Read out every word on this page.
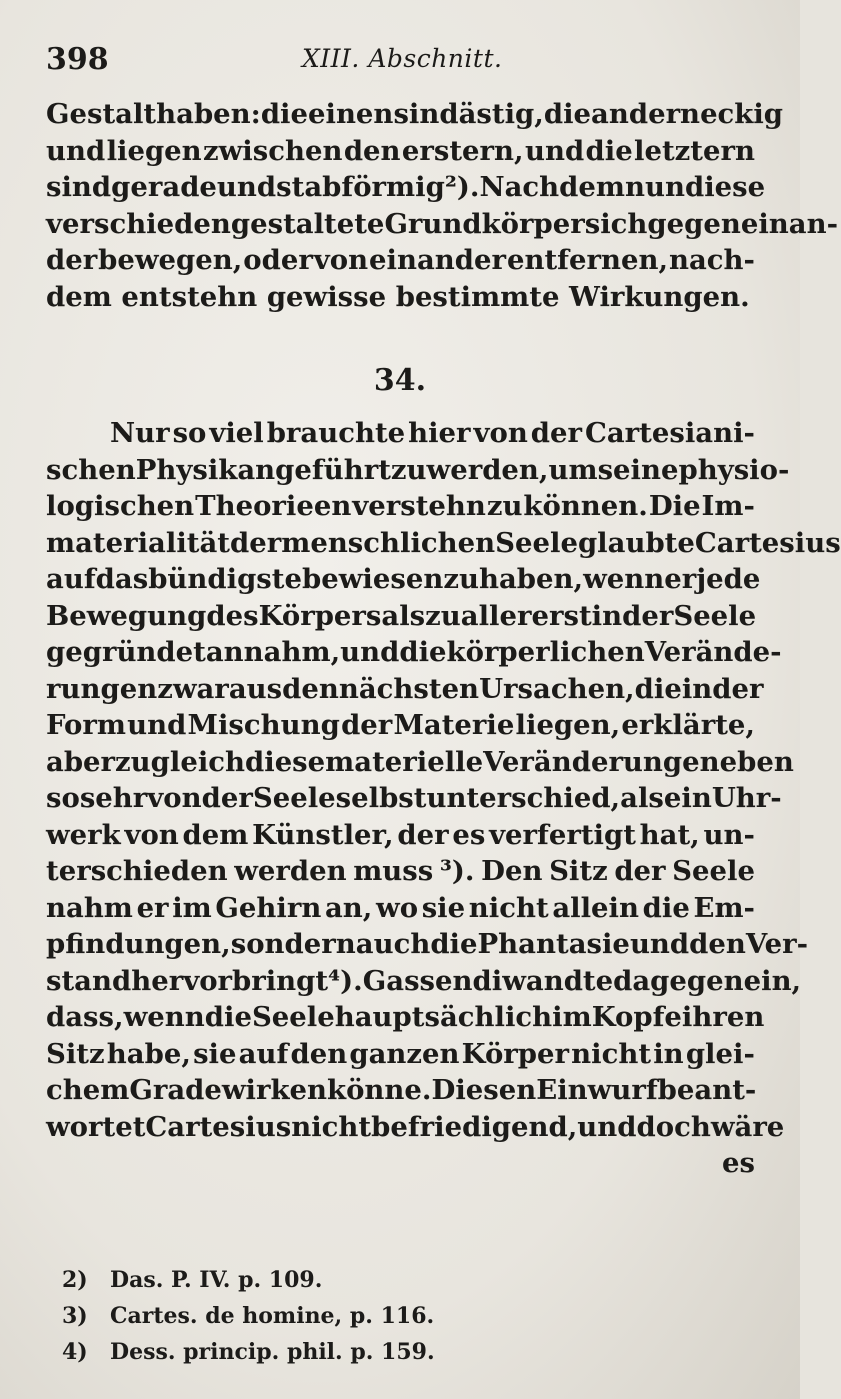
398	XIII. Abschnitt.
Gestalt haben: die einen sind ästig, die andern eckig
und liegen zwischen den erstern, und die letztern
sind gerade und stabförmig ²). Nachdem nun diese
verschieden gestaltete Grundkörper sich gegen einan-
der bewegen, oder von einander entfernen, nach-
dem entstehn gewisse bestimmte Wirkungen.
34.
Nur so viel brauchte hier von der Cartesiani-
schen Physik angeführt zu werden, um seine physio-
logischen Theorieen verstehn zu können. Die Im-
materialität der menschlichen Seele glaubte Cartesius
auf das bündigste bewiesen zu haben, wenn er jede
Bewegung des Körpers als zu allererst in der Seele
gegründet annahm, und die körperlichen Verände-
rungen zwar aus den nächsten Ursachen, die in der
Form und Mischung der Materie liegen, erklärte,
aber zugleich diese materielle Veränderungen eben
so sehr von der Seele selbst unterschied, als ein Uhr-
werk von dem Künstler, der es verfertigt hat, un-
terschieden werden muss ³). Den Sitz der Seele
nahm er im Gehirn an, wo sie nicht allein die Em-
pfindungen, sondern auch die Phantasie und den Ver-
stand hervorbringt ⁴). Gassendi wandte dagegen ein,
dass, wenn die Seele hauptsächlich im Kopfe ihren
Sitz habe, sie auf den ganzen Körper nicht in glei-
chem Grade wirken könne. Diesen Einwurf beant-
wortet Cartesius nicht befriedigend, und doch wäre
es
2) Das. P. IV. p. 109.
3) Cartes. de homine, p. 116.
4) Dess. princip. phil. p. 159.
